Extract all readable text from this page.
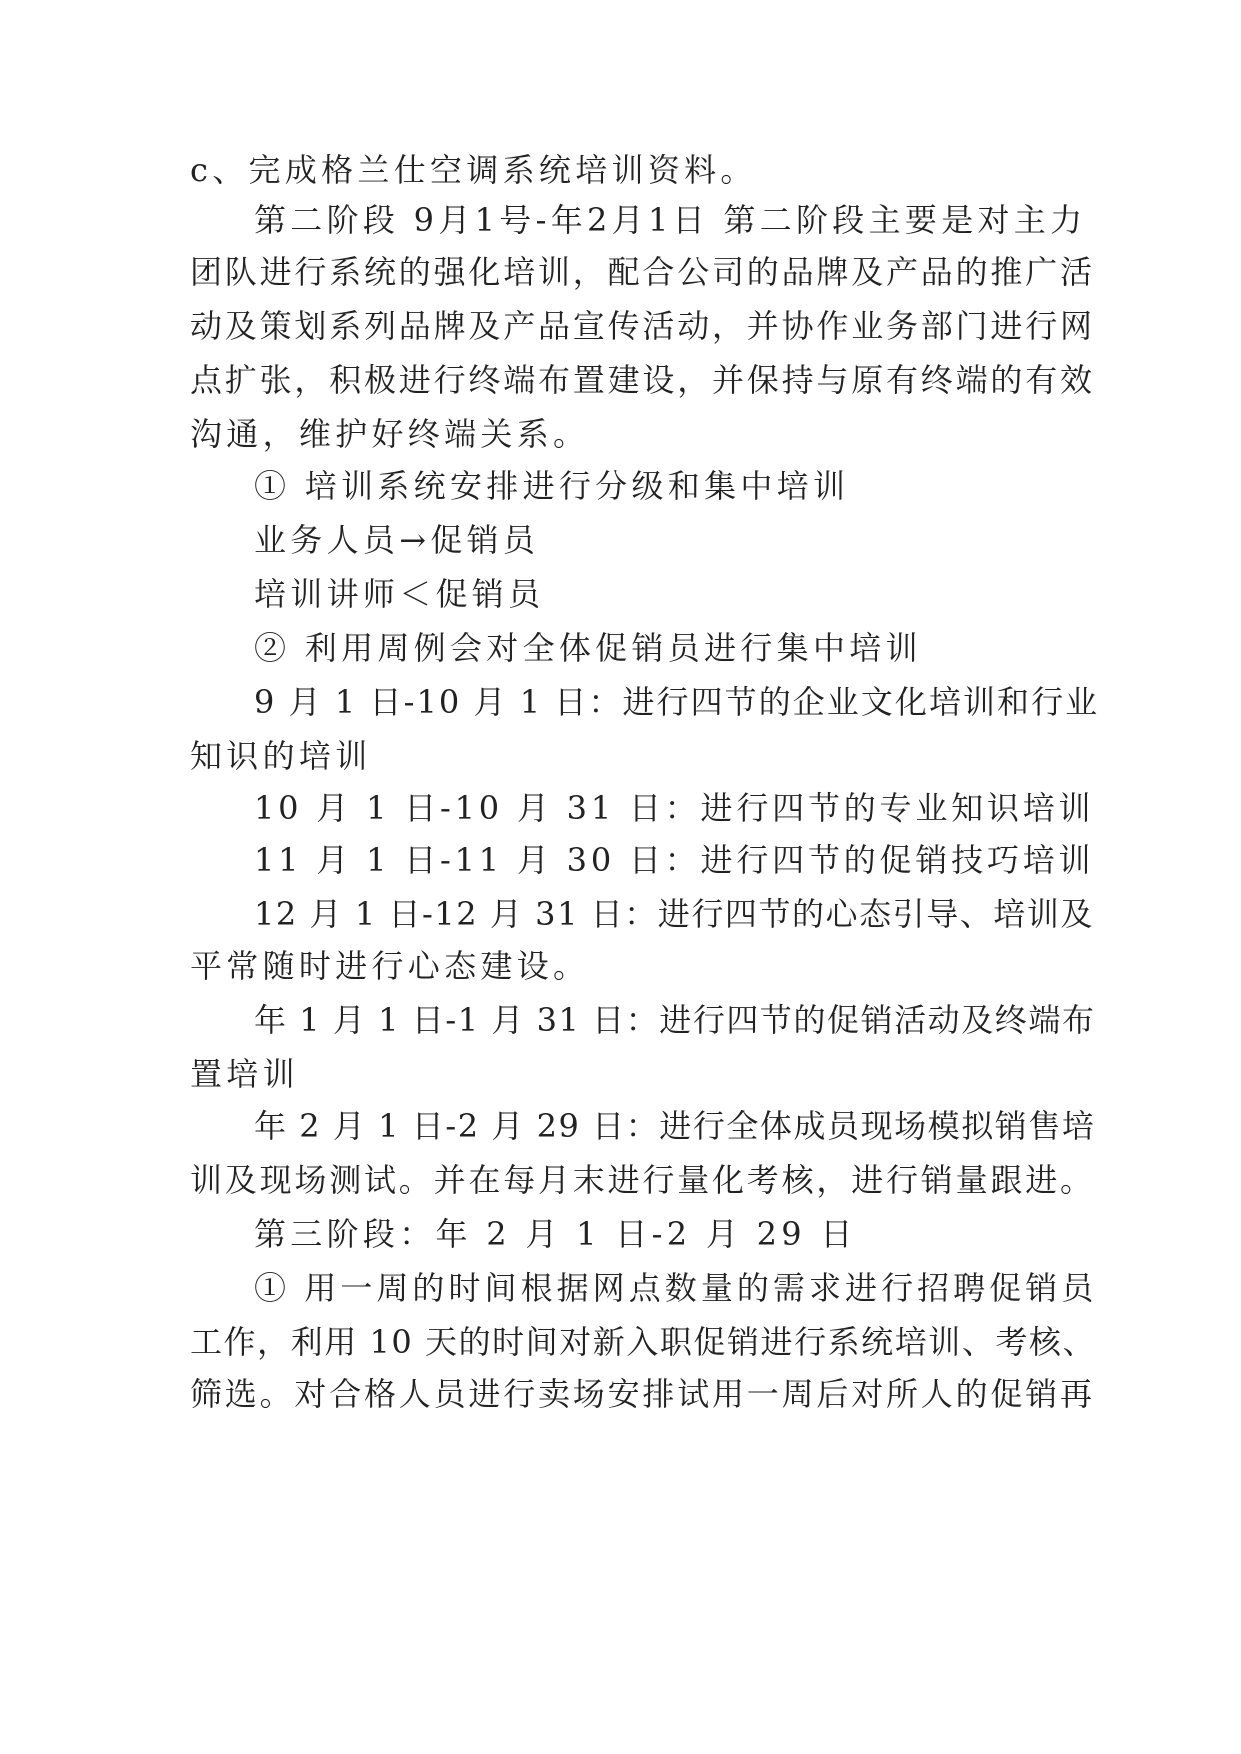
c、完成格兰仕空调系统培训资料。
第二阶段 9月1号-年2月1日 第二阶段主要是对主力
团队进行系统的强化培训，配合公司的品牌及产品的推广活
动及策划系列品牌及产品宣传活动，并协作业务部门进行网
点扩张，积极进行终端布置建设，并保持与原有终端的有效
沟通，维护好终端关系。
① 培训系统安排进行分级和集中培训
业务人员→促销员
培训讲师＜促销员
② 利用周例会对全体促销员进行集中培训
9 月 1 日-10 月 1 日：进行四节的企业文化培训和行业
知识的培训
10 月 1 日-10 月 31 日：进行四节的专业知识培训
11 月 1 日-11 月 30 日：进行四节的促销技巧培训
12 月 1 日-12 月 31 日：进行四节的心态引导、培训及
平常随时进行心态建设。
年 1 月 1 日-1 月 31 日：进行四节的促销活动及终端布
置培训
年 2 月 1 日-2 月 29 日：进行全体成员现场模拟销售培
训及现场测试。并在每月末进行量化考核，进行销量跟进。
第三阶段：年 2 月 1 日-2 月 29 日
① 用一周的时间根据网点数量的需求进行招聘促销员
工作，利用 10 天的时间对新入职促销进行系统培训、考核、
筛选。对合格人员进行卖场安排试用一周后对所人的促销再
